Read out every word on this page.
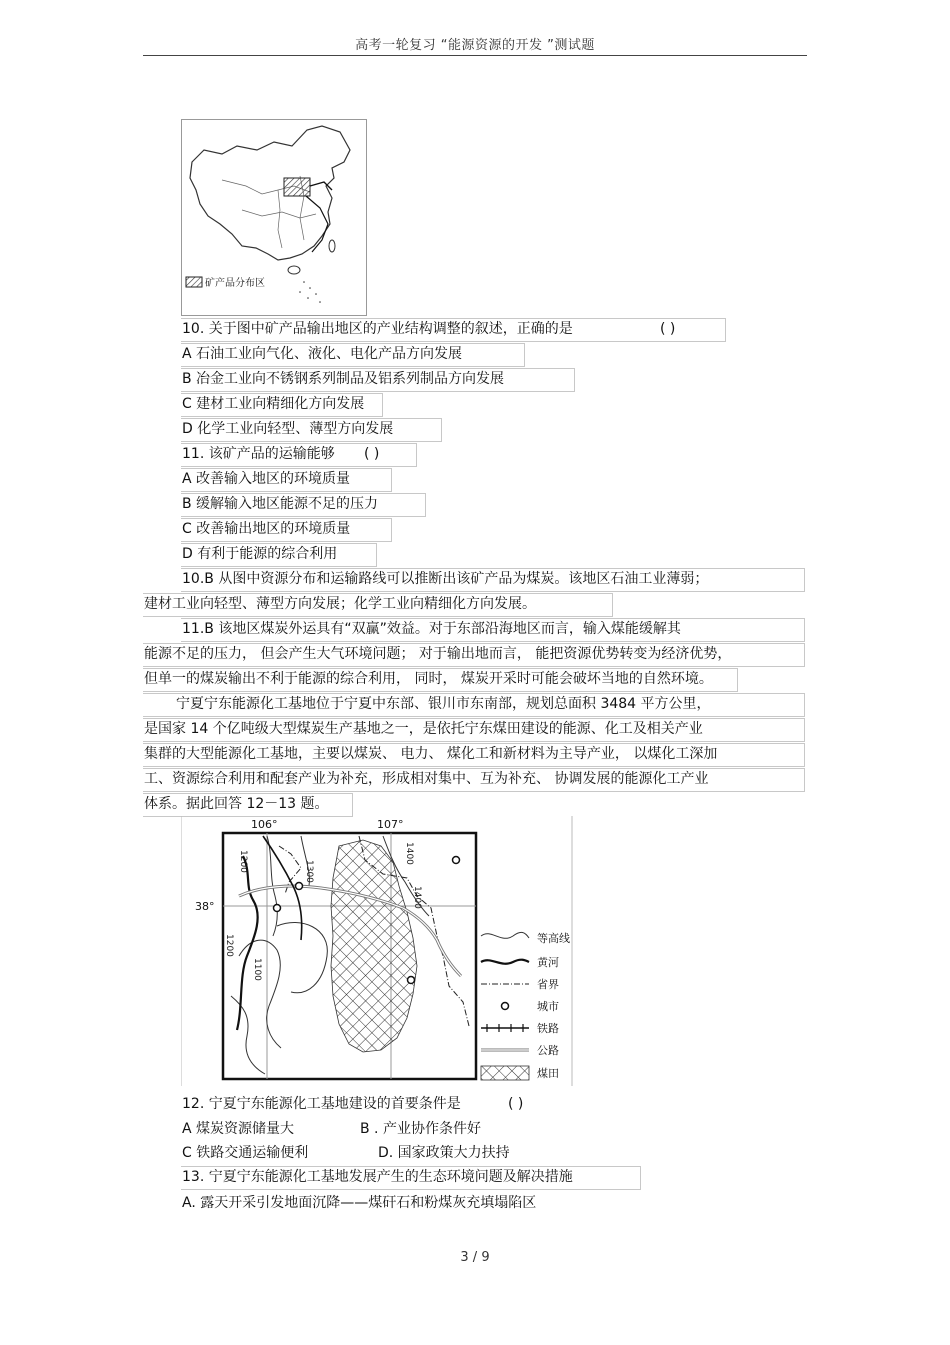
高考一轮复习 “能源资源的开发 ”测试题
矿产品分布区
10. 关于图中矿产品输出地区的产业结构调整的叙述，正确的是	( )
A 石油工业向气化、液化、电化产品方向发展
B 冶金工业向不锈钢系列制品及铝系列制品方向发展
C 建材工业向精细化方向发展
D 化学工业向轻型、薄型方向发展
11. 该矿产品的运输能够 ( )
A 改善输入地区的环境质量
B 缓解输入地区能源不足的压力
C 改善输出地区的环境质量
D 有利于能源的综合利用
10.B 从图中资源分布和运输路线可以推断出该矿产品为煤炭。该地区石油工业薄弱；
建材工业向轻型、薄型方向发展；化学工业向精细化方向发展。
11.B 该地区煤炭外运具有“双赢”效益。对于东部沿海地区而言，输入煤能缓解其
能源不足的压力， 但会产生大气环境问题； 对于输出地而言， 能把资源优势转变为经济优势，
但单一的煤炭输出不利于能源的综合利用， 同时， 煤炭开采时可能会破坏当地的自然环境。
宁夏宁东能源化工基地位于宁夏中东部、银川市东南部，规划总面积 3484 平方公里，
是国家 14 个亿吨级大型煤炭生产基地之一，是依托宁东煤田建设的能源、化工及相关产业
集群的大型能源化工基地，主要以煤炭、 电力、 煤化工和新材料为主导产业， 以煤化工深加
工、资源综合利用和配套产业为补充，形成相对集中、互为补充、 协调发展的能源化工产业
体系。据此回答 12－13 题。
106°	107°
38°
1200	1300
1400
1100
1200
1400
等高线
黄河
省界
城市
铁路
公路
煤田
12. 宁夏宁东能源化工基地建设的首要条件是	( )
A 煤炭资源储量大	B . 产业协作条件好
C 铁路交通运输便利	D. 国家政策大力扶持
13. 宁夏宁东能源化工基地发展产生的生态环境问题及解决措施
A. 露天开采引发地面沉降——煤矸石和粉煤灰充填塌陷区
3 / 9
